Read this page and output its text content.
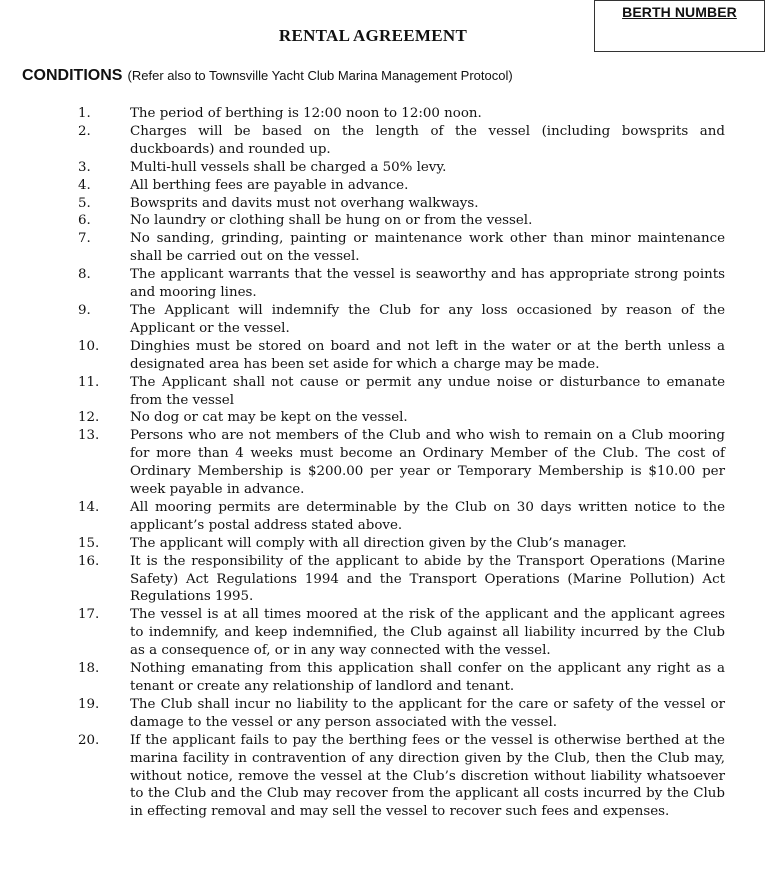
BERTH NUMBER
RENTAL AGREEMENT
CONDITIONS (Refer also to Townsville Yacht Club Marina Management Protocol)
1.	The period of berthing is 12:00 noon to 12:00 noon.
2.	Charges will be based on the length of the vessel (including bowsprits and duckboards) and rounded up.
3.	Multi-hull vessels shall be charged a 50% levy.
4.	All berthing fees are payable in advance.
5.	Bowsprits and davits must not overhang walkways.
6.	No laundry or clothing shall be hung on or from the vessel.
7.	No sanding, grinding, painting or maintenance work other than minor maintenance shall be carried out on the vessel.
8.	The applicant warrants that the vessel is seaworthy and has appropriate strong points and mooring lines.
9.	The Applicant will indemnify the Club for any loss occasioned by reason of the Applicant or the vessel.
10.	Dinghies must be stored on board and not left in the water or at the berth unless a designated area has been set aside for which a charge may be made.
11.	The Applicant shall not cause or permit any undue noise or disturbance to emanate from the vessel
12.	No dog or cat may be kept on the vessel.
13.	Persons who are not members of the Club and who wish to remain on a Club mooring for more than 4 weeks must become an Ordinary Member of the Club. The cost of Ordinary Membership is $200.00 per year or Temporary Membership is $10.00 per week payable in advance.
14.	All mooring permits are determinable by the Club on 30 days written notice to the applicant’s postal address stated above.
15.	The applicant will comply with all direction given by the Club’s manager.
16.	It is the responsibility of the applicant to abide by the Transport Operations (Marine Safety) Act Regulations 1994 and the Transport Operations (Marine Pollution) Act Regulations 1995.
17.	The vessel is at all times moored at the risk of the applicant and the applicant agrees to indemnify, and keep indemnified, the Club against all liability incurred by the Club as a consequence of, or in any way connected with the vessel.
18.	Nothing emanating from this application shall confer on the applicant any right as a tenant or create any relationship of landlord and tenant.
19.	The Club shall incur no liability to the applicant for the care or safety of the vessel or damage to the vessel or any person associated with the vessel.
20.	If the applicant fails to pay the berthing fees or the vessel is otherwise berthed at the marina facility in contravention of any direction given by the Club, then the Club may, without notice, remove the vessel at the Club’s discretion without liability whatsoever to the Club and the Club may recover from the applicant all costs incurred by the Club in effecting removal and may sell the vessel to recover such fees and expenses.
